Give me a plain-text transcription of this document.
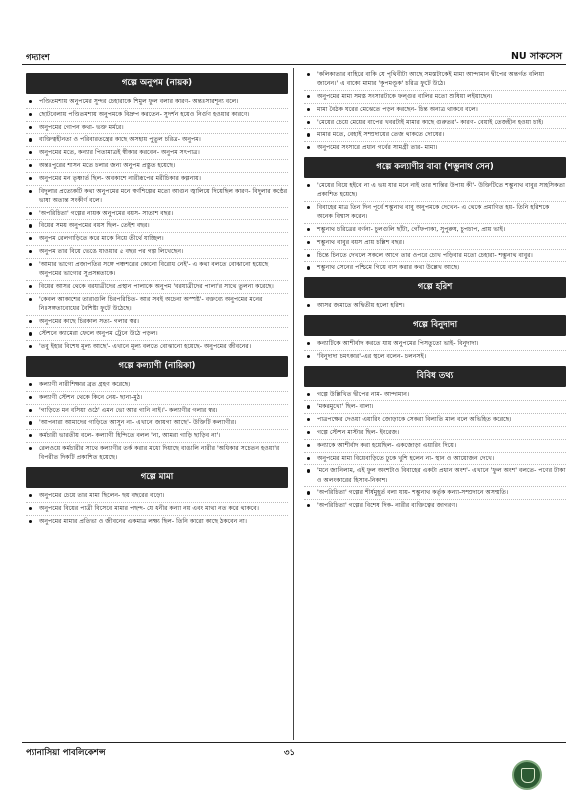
গদ্যাংশ	NU সাকসেস
গল্পে অনুপম (নায়ক)
পণ্ডিতমশায় অনুপমের সুন্দর চেহারাকে শিমুল ফুল বলার কারণ- অন্তঃসারশূন্য বলে।
ছোটবেলায় পণ্ডিতমশায় অনুপমকে বিদ্রুপ করতেন- সুদর্শন হয়েও নির্গুণ হওয়ার কারণে।
অনুপমের গোপন কথা- ভক্ত মর্মরে।
ব্যক্তিত্বহীনতা ও পরিবারতন্ত্রের কাছে অসহায় পুতুল চরিত্র- অনুপম।
অনুপমের মতে, কন্যার পিতামাত্রই স্বীকার করবেন- অনুপম সৎপাত্র।
অন্তঃপুরের শাসন মতে চলার জন্য অনুপম প্রস্তুত হয়েছে।
অনুপমের মন তৃষ্ণার্ত ছিল- অবকাশে নারীরূপের মরীচিকার কল্পনায়।
বিদুলার প্রত্যেকটি কথা অনুপমের মনে স্বর্ণশিল্পের মতো আগুন জ্বালিয়ে দিয়েছিল কারণ- বিদুলার কণ্ঠের ভাষা অত্যন্ত সংকীর্ণ বলে।
'অপরিচিতা' গল্পের নায়ক অনুপমের বয়স- সাতাশ বছর।
বিয়ের সময় অনুপমের বয়স ছিল- তেইশ বছর।
অনুপম রেলগাড়িতে করে মাকে নিয়ে তীর্থে যাচ্ছিল।
অনুপম তার বিয়ে ভেঙে যাওয়ার ৫ বছর পর গল্প লিখেছেন।
'আমার ভাগ্যে প্রজাপতির সঙ্গে পঞ্চশরের কোনো বিরোধ নেই'- এ কথা বলতে বোঝানো হয়েছে অনুপমের ভাগ্যের সুপ্রসন্নতাকে।
বিয়ের আসর থেকে বরযাত্রীদের প্রস্থান পালাকে অনুপম 'বরযাত্রীদের পালা'র সাথে তুলনা করেছে।
'কেবল আকাশের তারাগুলি চিরপরিচিত- আর সবই অচেনা অস্পষ্ট'- বক্তব্যে অনুপমের মনের নিঃসঙ্গতাবোধের বৈশিষ্ট্য ফুটে উঠেছে।
অনুপমের কাছে চিরকাল সত্য- গলার স্বর।
স্টেশনে ক্যামেরা ফেলে অনুপম ট্রেনে উঠে পড়ল।
'তবু ইহার বিশেষ মূল্য আছে'- এখানে মূল্য বলতে বোঝানো হয়েছে- অনুপমের জীবনের।
গল্পে কল্যাণী (নায়িকা)
কল্যাণী নারীশিক্ষার ব্রত গ্রহণ করেছে।
কল্যাণী স্টেশন থেকে কিনে নেয়- ছানা-মুঠ।
'গাড়িতে মন বসিয়া ওঠে' এমন ভো আর গানি নাই।'- কল্যাণীর গলার স্বর।
'আপনারা আমাদের গাড়িতে আসুন না- এখানে জায়গা আছে'- উক্তিটি কল্যাণীর।
কর্মচারী ভারতীয় বলে- কল্যাণী হিন্দিতে বলল 'না, আমরা গাড়ি ছাড়িব না'।
রেলওয়ে কর্মচারীর সাথে কল্যাণীর তর্ক করার মধ্যে দিয়াছে বাঙালি নারীর 'অধিকার সচেতন হওয়া'র বিপরীত দিকটি প্রকাশিত হয়েছে।
গল্পে মামা
অনুপমের চেয়ে তার মামা ছিলেন- ছয় বছরের বড়ো।
অনুপমের বিয়ের পাত্রী বিসেবে মামার পছন্দ- যে ধনীর কন্যা নয় এবং মাথা নত করে থাকবে।
অনুপমের মামার প্রতিভা ও জীবনের একমাত্র লক্ষ্য ছিল- তিনি কারো কাছে ঠকবেন না।
'কলিকাতার বাহিরে বাকি যে পৃথিবীটা আছে সমস্তটাকেই মামা আন্দামান দ্বীপের অন্তর্গত বলিয়া জানেন।' এ বাক্যে মামার 'কূপমণ্ডূক' চরিত্র ফুটে উঠে।
অনুপমের মামা সমস্ত সংসারটাকে ফল্গুর বালির মতো শুষিয়া লইয়াছেন।
মামা বৈঠক ঘরের মেঝেতে পড়ন করছেন- চিন্ত অন্যত্র থাকবে বলে।
'মেয়ের চেয়ে মেয়ের বাপের খবরটাই মামার কাছে গুরুতর'- কারণ- বেয়াই তেজহীন হওয়া চাই।
মামার মতে, বেহাই সম্প্রদায়ের তেজ থাকতে দোষের।
অনুপমের সংসারে প্রধান গর্বের সামগ্রী তার- মামা।
গল্পে কল্যাণীর বাবা (শম্ভুনাথ সেন)
'মেয়ের বিয়ে হইবে না এ ভয় যার মনে নাই তার শান্তির উপায় কী'- উক্তিটিতে শম্ভুনাথ বাবুর সাহসিকতা প্রকাশিত হয়েছে।
বিবাহের মাত্র তিন দিন পূর্বে শম্ভুনাথ বাবু অনুপমকে দেখেন- এ থেকে প্রমাণিত হয়- তিনি হরিশকে অনেক বিশ্বাস করেন।
শম্ভুনাথ চরিত্রের বর্ণনা- চুলগুলি ছাঁটা, গোঁফপাকা, সুপুরুষ, চুপচাপ, প্রায় ভাই।
শম্ভুনাথ বাবুর বয়স প্রায় চল্লিশ বছর।
চিন্তে চিনতে দেখলে সকলে আগে তার ওপরে চোখ পড়িবার মতো চেহারা- শম্ভুনাথ বাবুর।
শম্ভুনাথ সেনের পশ্চিমে গিয়ে বাস করার কথা উল্লেখ আছে।
গল্পে হরিশ
আসর জমাতে অদ্বিতীয় হলো হরিশ।
গল্পে বিনুদাদা
কন্যাটিকে আশীর্বাদ করতে যায় অনুপমের পিসতুতো ভাই- বিনুদাদা।
'বিনুদাদা চমৎকার'-এর স্থলে বলেন- চলনসই।
বিবিধ তথ্য
গল্পে উল্লিখিত দ্বীপের নাম- আন্দামান।
'মকরমুখো' ছিল- বালা।
পাত্রপক্ষের দেওয়া এয়ারিং জোড়াকে সেকরা বিলাতি মাল বলে অভিহিত করেছে।
গল্পে স্টেশন মাস্টার ছিল- ইংরেজ।
কন্যাকে আশীর্বাদ করা হয়েছিল- একজোড়া এয়ারিং দিয়ে।
অনুপমের মামা বিয়েবাড়িতে ঢুকে খুশি হলেন না- স্থান ও আয়োজন দেখে।
'মনে জানিলাম, এই ফুল অংশটাও বিবাহের একটা প্রধান অংশ'- এখানে 'ফুল অংশ' বলতে- পণের টাকা ও অলংকারের হিসাব-নিকাশ।
'অপরিচিতা' গল্পের শীর্ষমুহূর্ত বলা যায়- শম্ভুনাথ কর্তৃক কন্যা-সম্প্রদানে অসম্মতি।
'অপরিচিতা' গল্পের বিশেষ দিক- নারীর ব্যক্তিত্বের জাগরণ।
প্যানাসিয়া পাবলিকেশন্স	৩১
